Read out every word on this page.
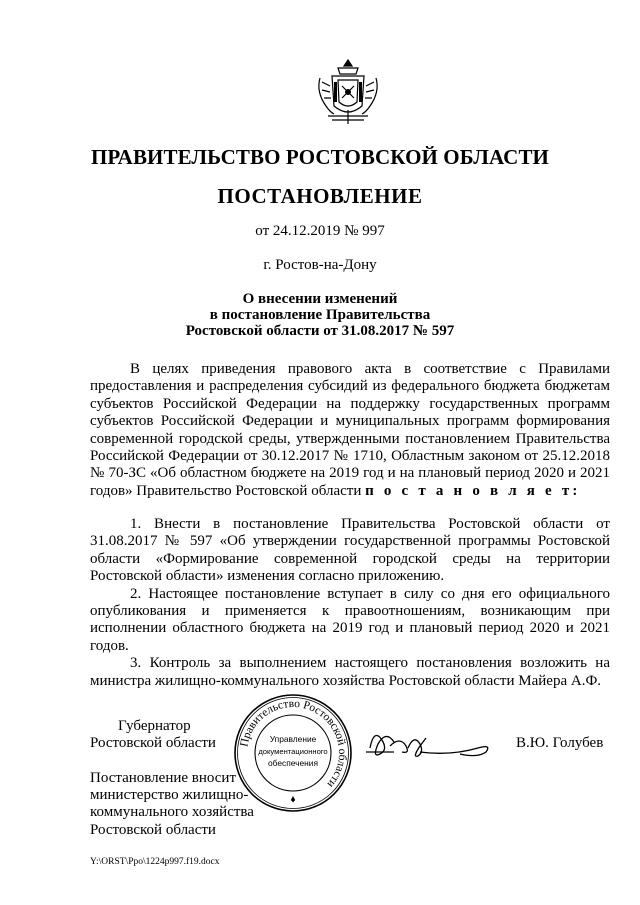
ПРАВИТЕЛЬСТВО РОСТОВСКОЙ ОБЛАСТИ
ПОСТАНОВЛЕНИЕ
от 24.12.2019 № 997
г. Ростов-на-Дону
О внесении изменений
в постановление Правительства
Ростовской области от 31.08.2017 № 597

В целях приведения правового акта в соответствие с Правилами предоставления и распределения субсидий из федерального бюджета бюджетам субъектов Российской Федерации на поддержку государственных программ субъектов Российской Федерации и муниципальных программ формирования современной городской среды, утвержденными постановлением Правительства Российской Федерации от 30.12.2017 № 1710, Областным законом от 25.12.2018 № 70-ЗС «Об областном бюджете на 2019 год и на плановый период 2020 и 2021 годов» Правительство Ростовской области п о с т а н о в л я е т:

1. Внести в постановление Правительства Ростовской области от 31.08.2017 № 597 «Об утверждении государственной программы Ростовской области «Формирование современной городской среды на территории Ростовской области» изменения согласно приложению.

2. Настоящее постановление вступает в силу со дня его официального опубликования и применяется к правоотношениям, возникающим при исполнении областного бюджета на 2019 год и плановый период 2020 и 2021 годов.

3. Контроль за выполнением настоящего постановления возложить на министра жилищно-коммунального хозяйства Ростовской области Майера А.Ф.

Губернатор
Ростовской области	В.Ю. Голубев
Постановление вносит
министерство жилищно-
коммунального хозяйства
Ростовской области
Правительство Ростовской области
Управление
документационного
обеспечения
Y:\ORST\Ppo\1224p997.f19.docx
